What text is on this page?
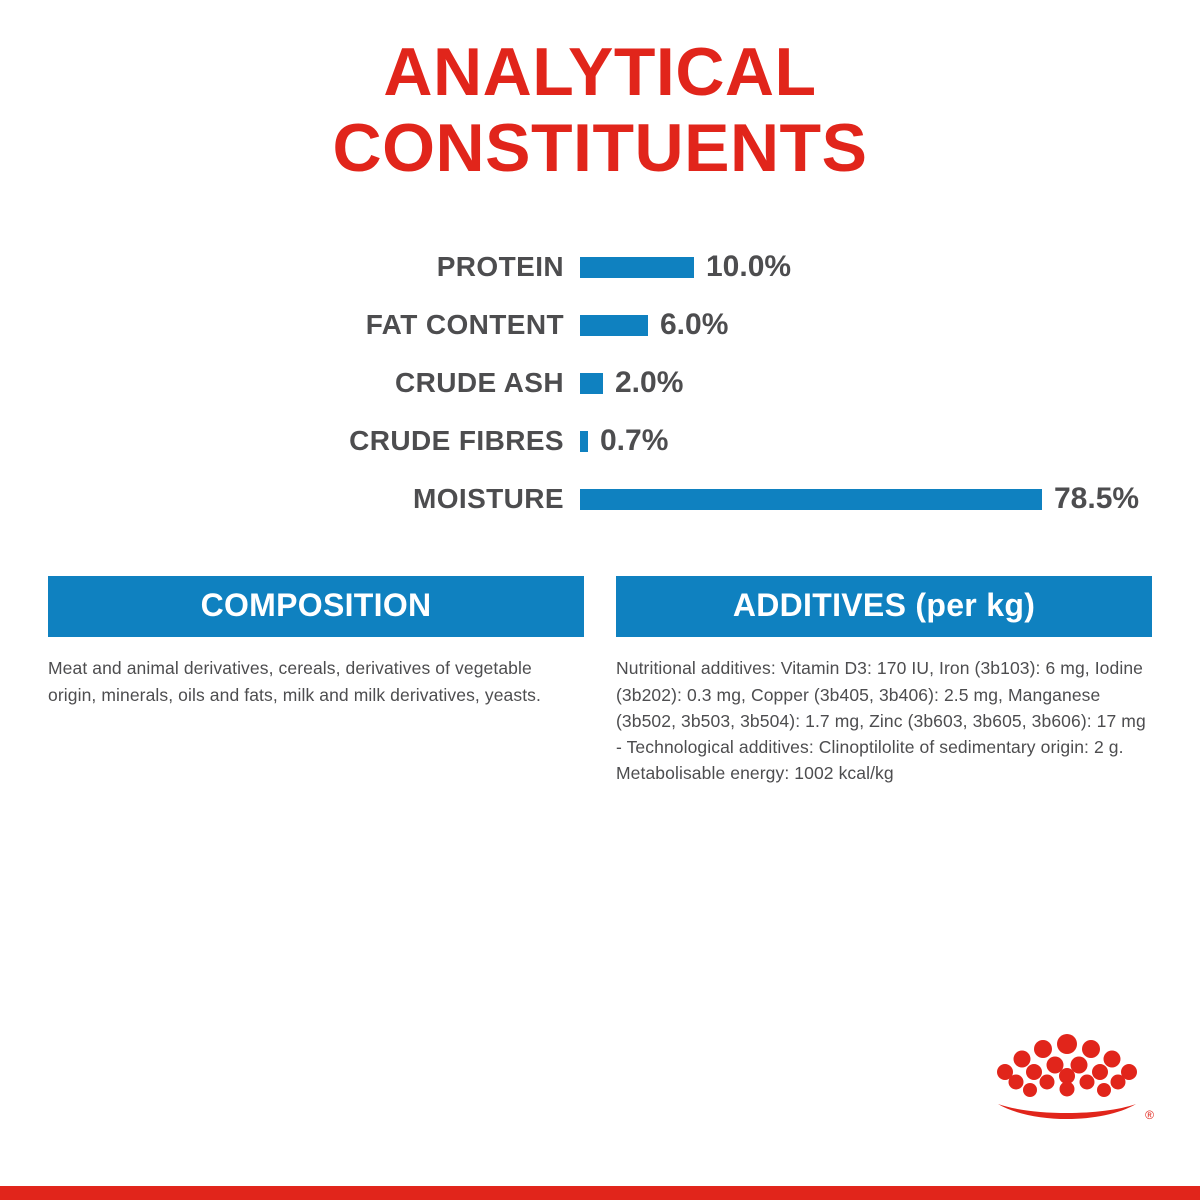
ANALYTICAL CONSTITUENTS
PROTEIN	10.0%
FAT CONTENT	6.0%
CRUDE ASH	2.0%
CRUDE FIBRES	0.7%
MOISTURE	78.5%
COMPOSITION
Meat and animal derivatives, cereals, derivatives of vegetable origin, minerals, oils and fats, milk and milk derivatives, yeasts.
ADDITIVES (per kg)
Nutritional additives: Vitamin D3: 170 IU, Iron (3b103): 6 mg, Iodine (3b202): 0.3 mg, Copper (3b405, 3b406): 2.5 mg, Manganese (3b502, 3b503, 3b504): 1.7 mg, Zinc (3b603, 3b605, 3b606): 17 mg - Technological additives: Clinoptilolite of sedimentary origin: 2 g. Metabolisable energy: 1002 kcal/kg
®
